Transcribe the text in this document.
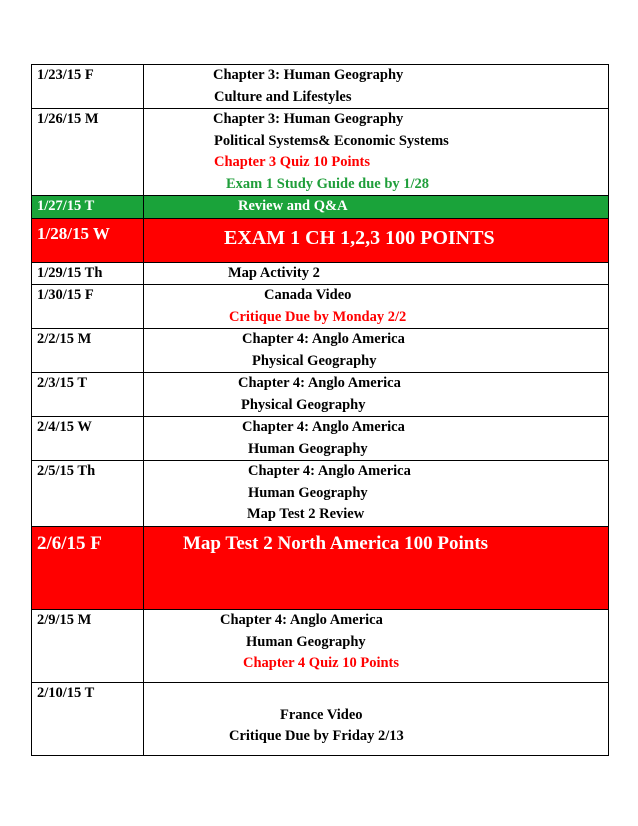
1/23/15 F	Chapter 3: Human Geography
Culture and Lifestyles

1/26/15 M	Chapter 3: Human Geography
Political Systems& Economic Systems
Chapter 3 Quiz 10 Points
Exam 1 Study Guide due by 1/28

1/27/15 T	Review and Q&A

1/28/15 W	EXAM 1 CH 1,2,3 100 POINTS

1/29/15 Th	Map Activity 2

1/30/15 F	Canada Video
Critique Due by Monday 2/2

2/2/15 M	Chapter 4: Anglo America
Physical Geography

2/3/15 T	Chapter 4: Anglo America
Physical Geography

2/4/15 W	Chapter 4: Anglo America
Human Geography

2/5/15 Th	Chapter 4: Anglo America
Human Geography
Map Test 2 Review

2/6/15 F	Map Test 2 North America 100 Points

2/9/15 M	Chapter 4: Anglo America
Human Geography
Chapter 4 Quiz 10 Points

2/10/15 T	France Video
Critique Due by Friday 2/13
